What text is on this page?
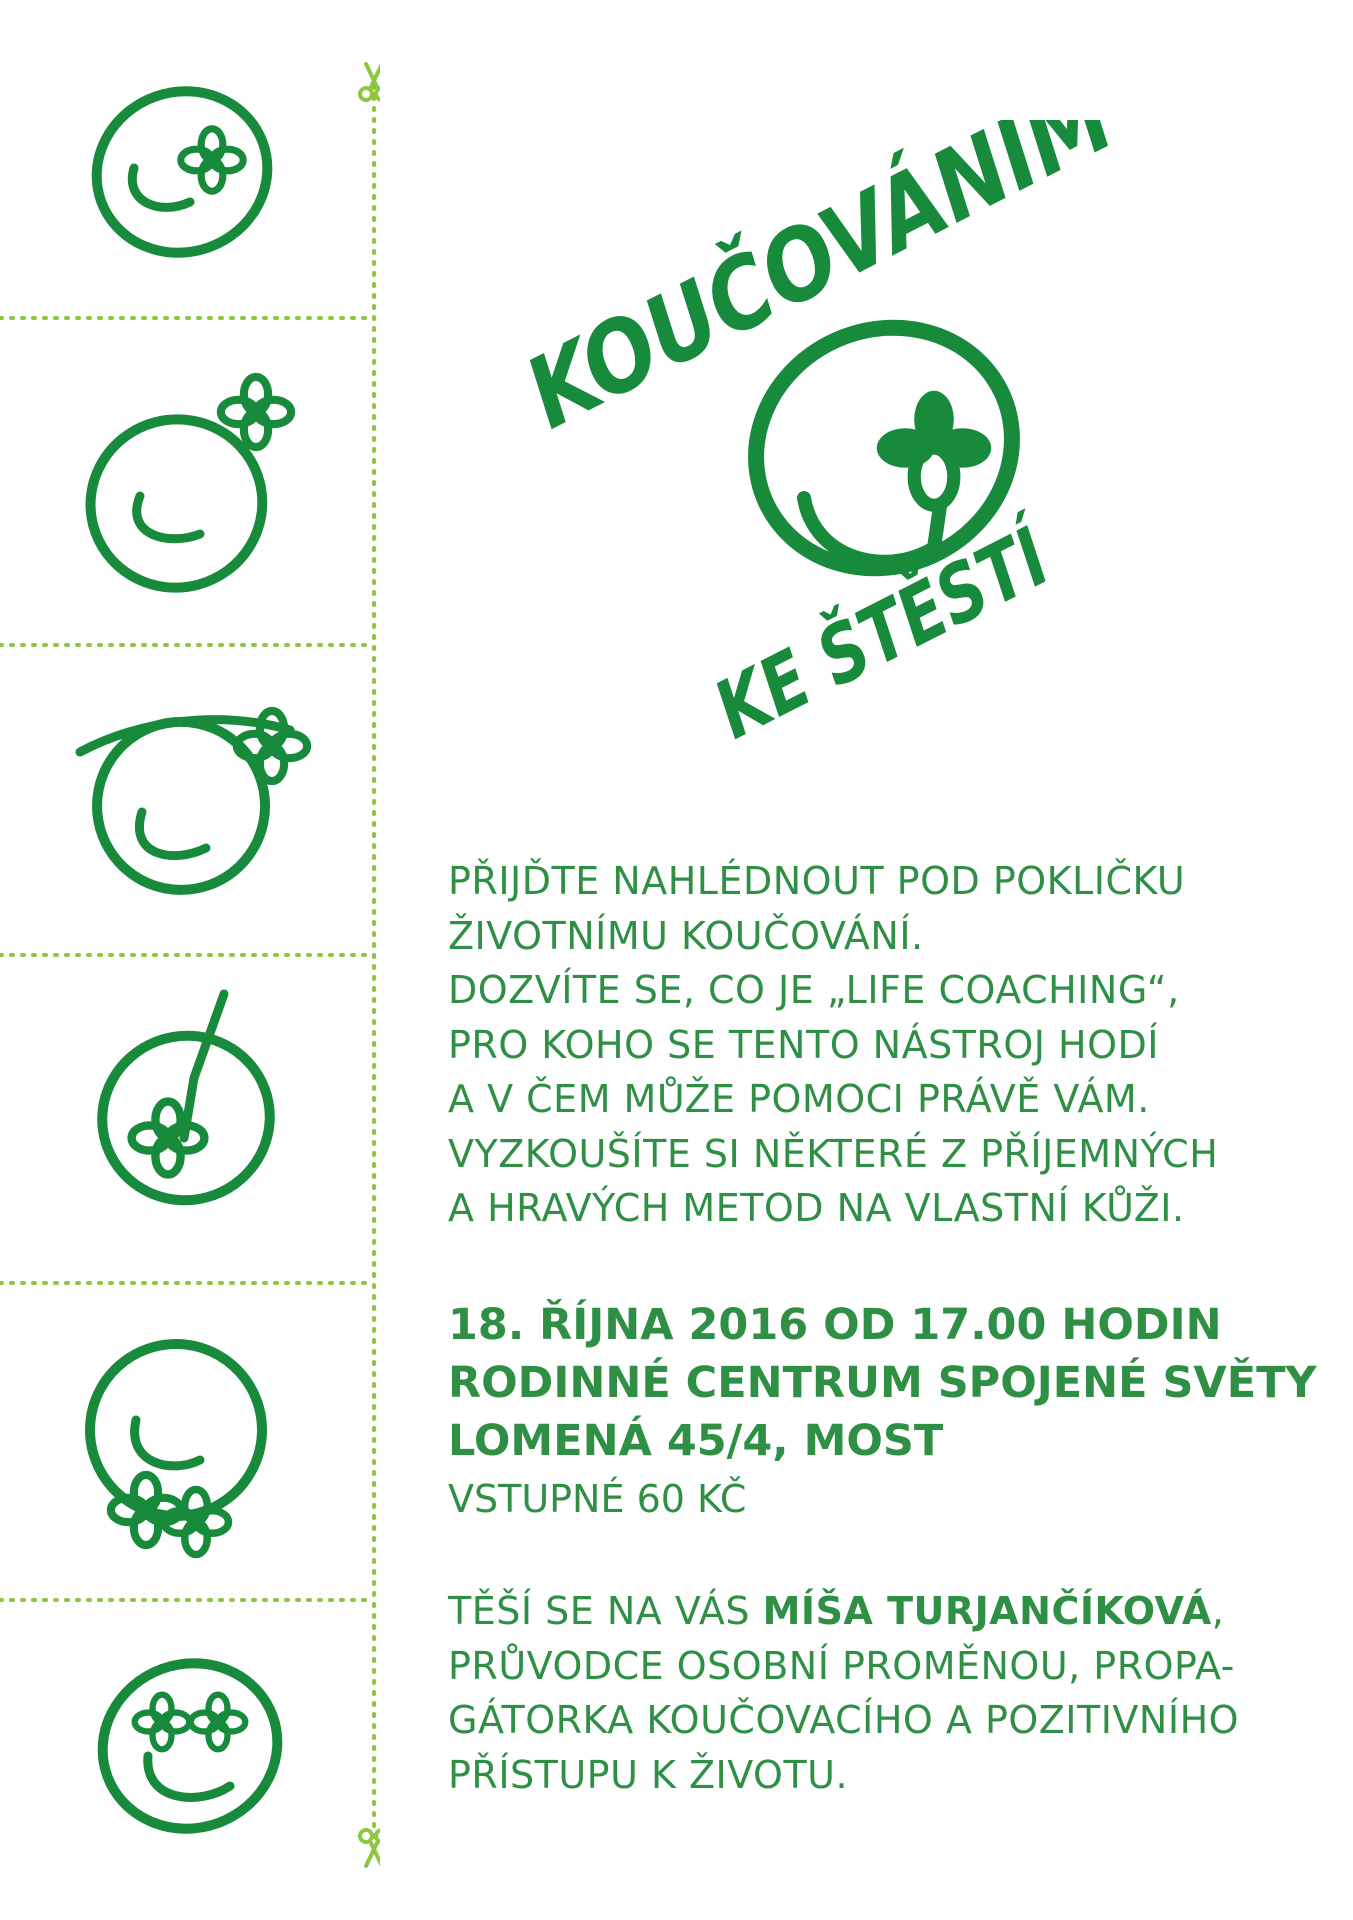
KOUČOVÁNÍM
KE ŠTĚSTÍ
PŘIJĎTE NAHLÉDNOUT POD POKLIČKU
ŽIVOTNÍMU KOUČOVÁNÍ.
DOZVÍTE SE, CO JE „LIFE COACHING“,
PRO KOHO SE TENTO NÁSTROJ HODÍ
A V ČEM MŮŽE POMOCI PRÁVĚ VÁM.
VYZKOUŠÍTE SI NĚKTERÉ Z PŘÍJEMNÝCH
A HRAVÝCH METOD NA VLASTNÍ KŮŽI.
18. ŘÍJNA 2016 OD 17.00 HODIN
RODINNÉ CENTRUM SPOJENÉ SVĚTY
LOMENÁ 45/4, MOST
VSTUPNÉ 60 KČ
TĚŠÍ SE NA VÁS MÍŠA TURJANČÍKOVÁ,
PRŮVODCE OSOBNÍ PROMĚNOU, PROPA-
GÁTORKA KOUČOVACÍHO A POZITIVNÍHO
PŘÍSTUPU K ŽIVOTU.
